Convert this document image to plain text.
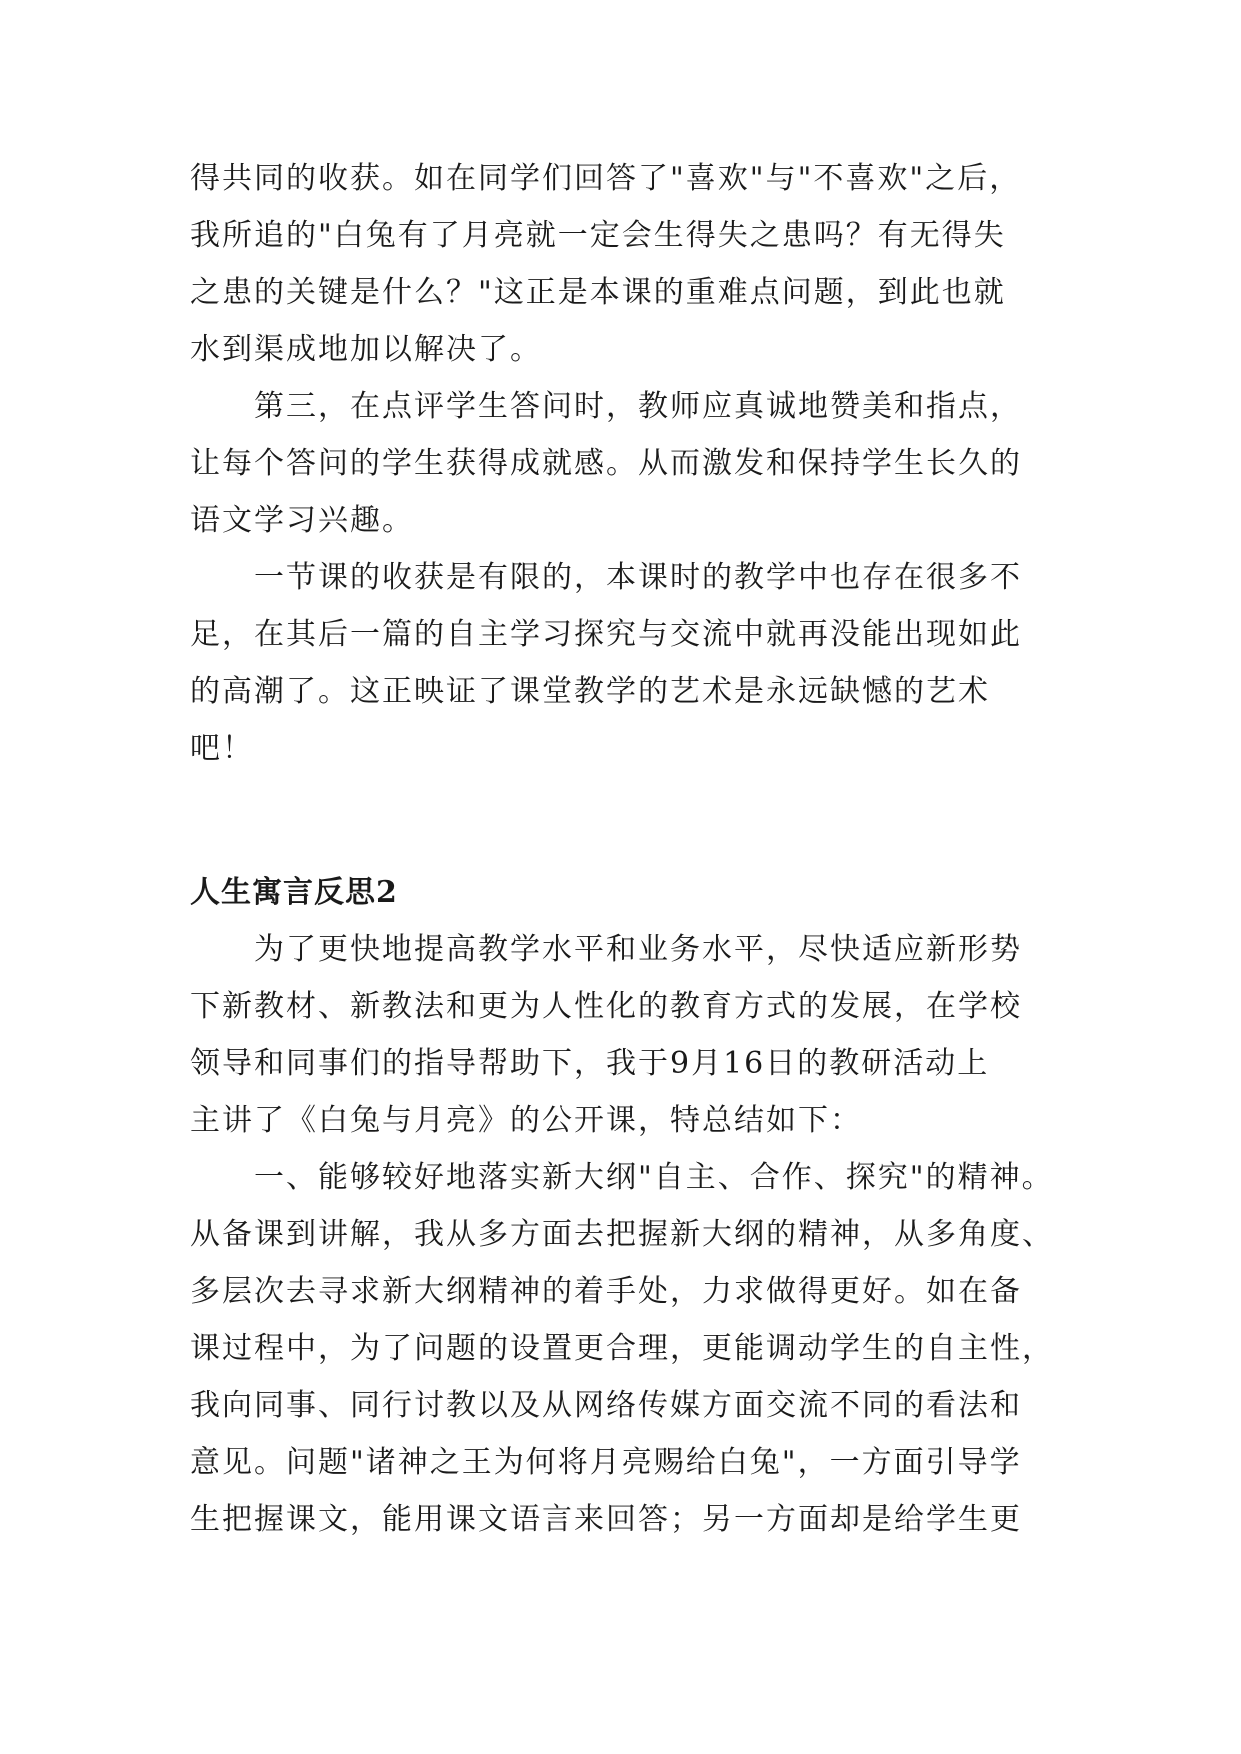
得共同的收获。如在同学们回答了"喜欢"与"不喜欢"之后，
我所追的"白兔有了月亮就一定会生得失之患吗？有无得失
之患的关键是什么？"这正是本课的重难点问题，到此也就
水到渠成地加以解决了。

第三，在点评学生答问时，教师应真诚地赞美和指点，
让每个答问的学生获得成就感。从而激发和保持学生长久的
语文学习兴趣。

一节课的收获是有限的，本课时的教学中也存在很多不
足，在其后一篇的自主学习探究与交流中就再没能出现如此
的高潮了。这正映证了课堂教学的艺术是永远缺憾的艺术
吧！

人生寓言反思2

为了更快地提高教学水平和业务水平，尽快适应新形势
下新教材、新教法和更为人性化的教育方式的发展，在学校
领导和同事们的指导帮助下，我于9月16日的教研活动上
主讲了《白兔与月亮》的公开课，特总结如下：

一、能够较好地落实新大纲"自主、合作、探究"的精神。
从备课到讲解，我从多方面去把握新大纲的精神，从多角度、
多层次去寻求新大纲精神的着手处，力求做得更好。如在备
课过程中，为了问题的设置更合理，更能调动学生的自主性，
我向同事、同行讨教以及从网络传媒方面交流不同的看法和
意见。问题"诸神之王为何将月亮赐给白兔"，一方面引导学
生把握课文，能用课文语言来回答；另一方面却是给学生更
